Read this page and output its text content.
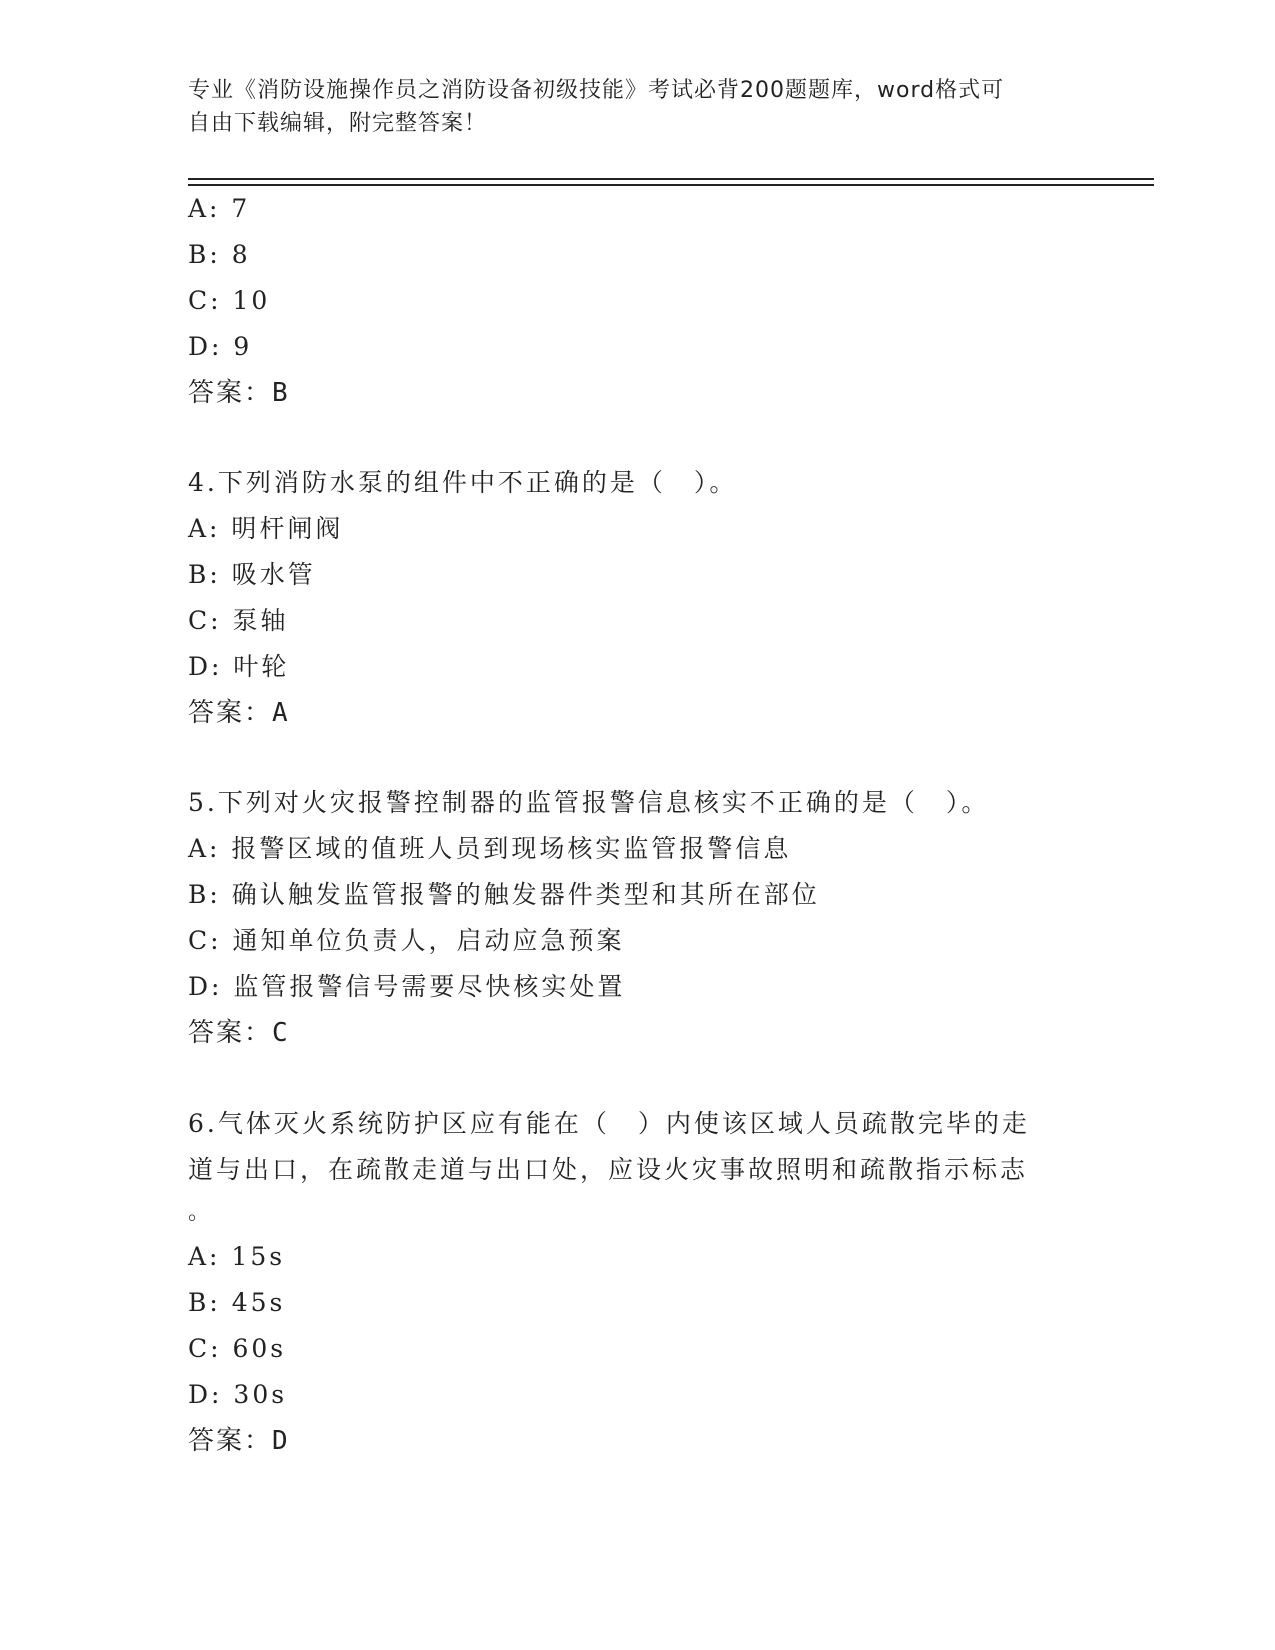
专业《消防设施操作员之消防设备初级技能》考试必背200题题库，word格式可
自由下载编辑，附完整答案！
A: 7
B: 8
C: 10
D: 9
答案：B
4.下列消防水泵的组件中不正确的是（　）。
A: 明杆闸阀
B: 吸水管
C: 泵轴
D: 叶轮
答案：A
5.下列对火灾报警控制器的监管报警信息核实不正确的是（　）。
A: 报警区域的值班人员到现场核实监管报警信息
B: 确认触发监管报警的触发器件类型和其所在部位
C: 通知单位负责人，启动应急预案
D: 监管报警信号需要尽快核实处置
答案：C
6.气体灭火系统防护区应有能在（　）内使该区域人员疏散完毕的走
道与出口，在疏散走道与出口处，应设火灾事故照明和疏散指示标志
。
A: 15s
B: 45s
C: 60s
D: 30s
答案：D
